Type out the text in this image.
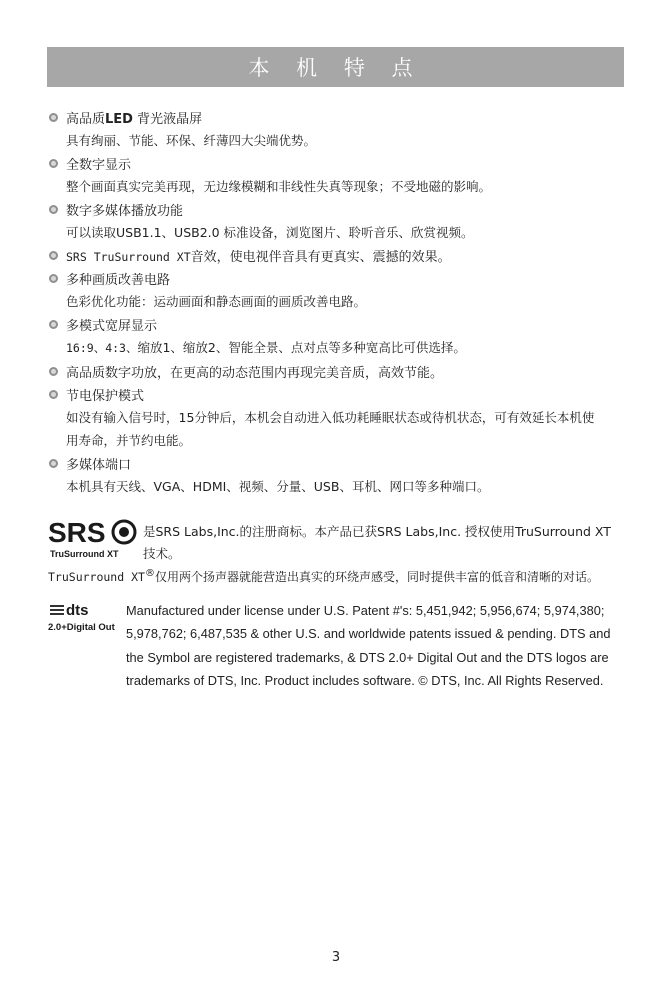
本 机 特 点
高品质LED 背光液晶屏
具有绚丽、节能、环保、纤薄四大尖端优势。
全数字显示
整个画面真实完美再现，无边缘模糊和非线性失真等现象；不受地磁的影响。
数字多媒体播放功能
可以读取USB1.1、USB2.0 标准设备，浏览图片、聆听音乐、欣赏视频。
SRS TruSurround XT音效，使电视伴音具有更真实、震撼的效果。
多种画质改善电路
色彩优化功能：运动画面和静态画面的画质改善电路。
多模式宽屏显示
16:9、4:3、缩放1、缩放2、智能全景、点对点等多种宽高比可供选择。
高品质数字功放，在更高的动态范围内再现完美音质，高效节能。
节电保护模式
如没有输入信号时，15分钟后，本机会自动进入低功耗睡眠状态或待机状态，可有效延长本机使
用寿命，并节约电能。
多媒体端口
本机具有天线、VGA、HDMI、视频、分量、USB、耳机、网口等多种端口。
SRS
TruSurround XT
是SRS Labs,Inc.的注册商标。本产品已获SRS Labs,Inc. 授权使用TruSurround XT
技术。
TruSurround XT®仅用两个扬声器就能营造出真实的环绕声感受，同时提供丰富的低音和清晰的对话。
dts
2.0+Digital Out
Manufactured under license under U.S. Patent #'s: 5,451,942; 5,956,674; 5,974,380; 5,978,762; 6,487,535 & other U.S. and worldwide patents issued & pending. DTS and the Symbol are registered trademarks, & DTS 2.0+ Digital Out and the DTS logos are trademarks of DTS, Inc. Product includes software. © DTS, Inc. All Rights Reserved.
3
